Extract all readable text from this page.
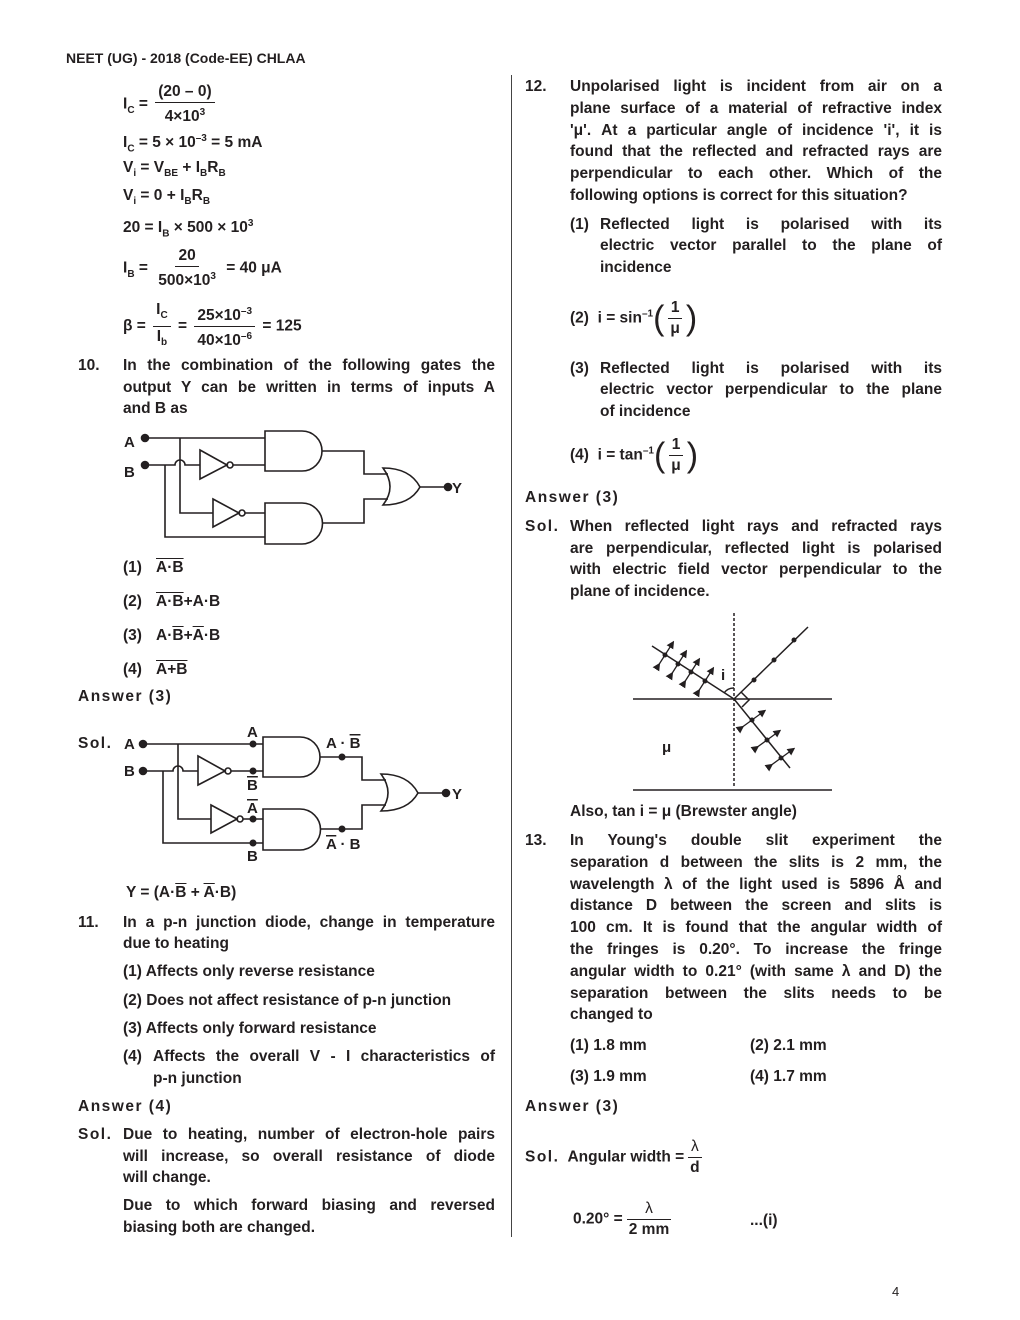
NEET (UG) - 2018 (Code-EE) CHLAA
$I_C = \frac{(20 - 0)}{4\times 10^3}$
$I_C = 5 \times 10^{-3} = 5$ mA
$V_i = V_{BE} + I_BR_B$
$V_i = 0 + I_BR_B$
$20 = I_B \times 500 \times 10^3$
$I_B = \frac{20}{500\times 10^3} = 40$ μA
$\beta = \frac{I_C}{I_b} = \frac{25\times 10^{-3}}{40\times 10^{-6}} = 125$
10. In the combination of the following gates the
output Y can be written in terms of inputs A
and B as
A
B
Y
A
B
A
B
A
B
A · B
A · B
Y
(1) A·B
(2) A·B+A·B
(3) $A\cdot\overline{B}+\overline{A}\cdot B$
(4) A+B
Answer (3)
Sol.
$Y = (A\cdot\overline{B} + \overline{A}\cdot B)$
11. In a p-n junction diode, change in temperature
due to heating
(1) Affects only reverse resistance
(2) Does not affect resistance of p-n junction
(3) Affects only forward resistance
(4) Affects the overall V - I characteristics of
p-n junction
Answer (4)
Sol. Due to heating, number of electron-hole pairs
will increase, so overall resistance of diode
will change.
Due to which forward biasing and reversed
biasing both are changed.
12. Unpolarised light is incident from air on a
plane surface of a material of refractive index
'μ'. At a particular angle of incidence 'i', it is
found that the reflected and refracted rays are
perpendicular to each other. Which of the
following options is correct for this situation?
(1) Reflected light is polarised with its
electric vector parallel to the plane of
incidence
(2) $i = \sin^{-1}( \frac{1}{\mu}$ )
(3) Reflected light is polarised with its
electric vector perpendicular to the plane
of incidence
(4) $i = \tan^{-1}( \frac{1}{\mu}$ )
Answer (3)
Sol. When reflected light rays and refracted rays
are perpendicular, reflected light is polarised
with electric field vector perpendicular to the
plane of incidence.
i
μ
Also, tan i = μ (Brewster angle)
13. In Young's double slit experiment the
separation d between the slits is 2 mm, the
wavelength λ of the light used is 5896 Å and
distance D between the screen and slits is
100 cm. It is found that the angular width of
the fringes is 0.20°. To increase the fringe
angular width to 0.21° (with same λ and D) the
separation between the slits needs to be
changed to
(1) 1.8 mm	(2) 2.1 mm
(3) 1.9 mm	(4) 1.7 mm
Answer (3)
Sol. Angular width = $\frac{\lambda}{d}$
$0.20^\circ = \frac{\lambda}{2 mm}$	...(i)
4
